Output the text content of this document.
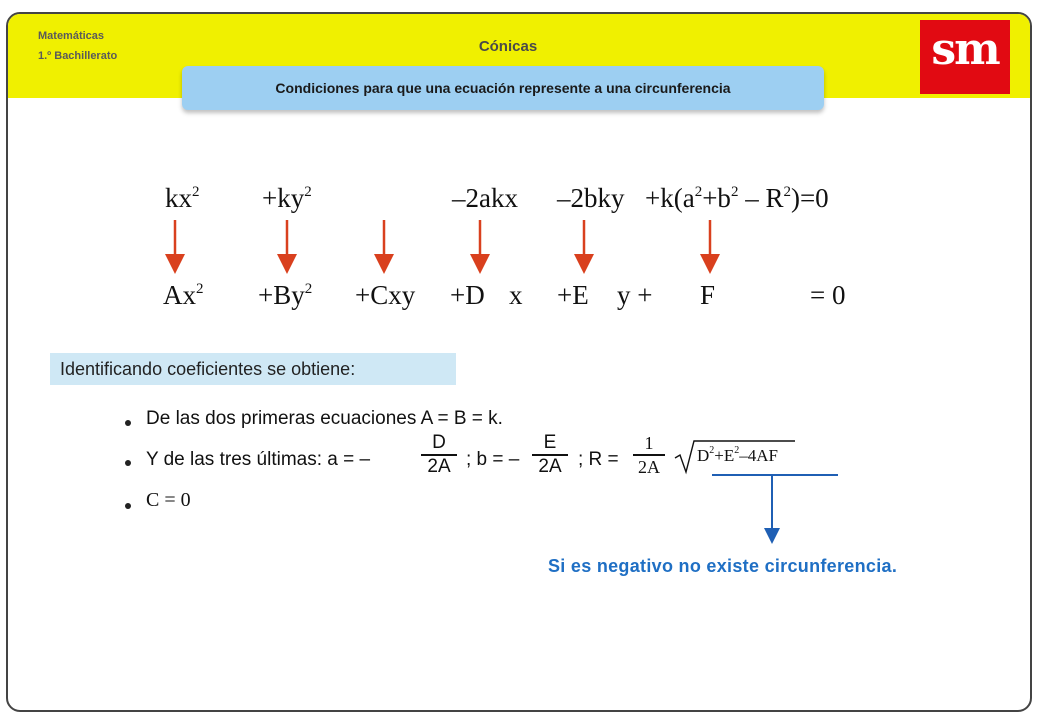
Matemáticas
1.º Bachillerato
Cónicas	sm
Condiciones para que una ecuación represente a una circunferencia
$kx^2 +ky^2$	–2akx $-2bky +k(a^2+b^2 - R^2)=0$
$Ax^2 +By^2 +Cxy +D$ x +E y + F	= 0
Identificando coeficientes se obtiene:
De las dos primeras ecuaciones A = B = k.
Y de las tres últimas: a = –
D
2A ; b = –
E
2A ; R =
1
2A
$D^2+E^2-4AF$
C = 0
Si es negativo no existe circunferencia.
